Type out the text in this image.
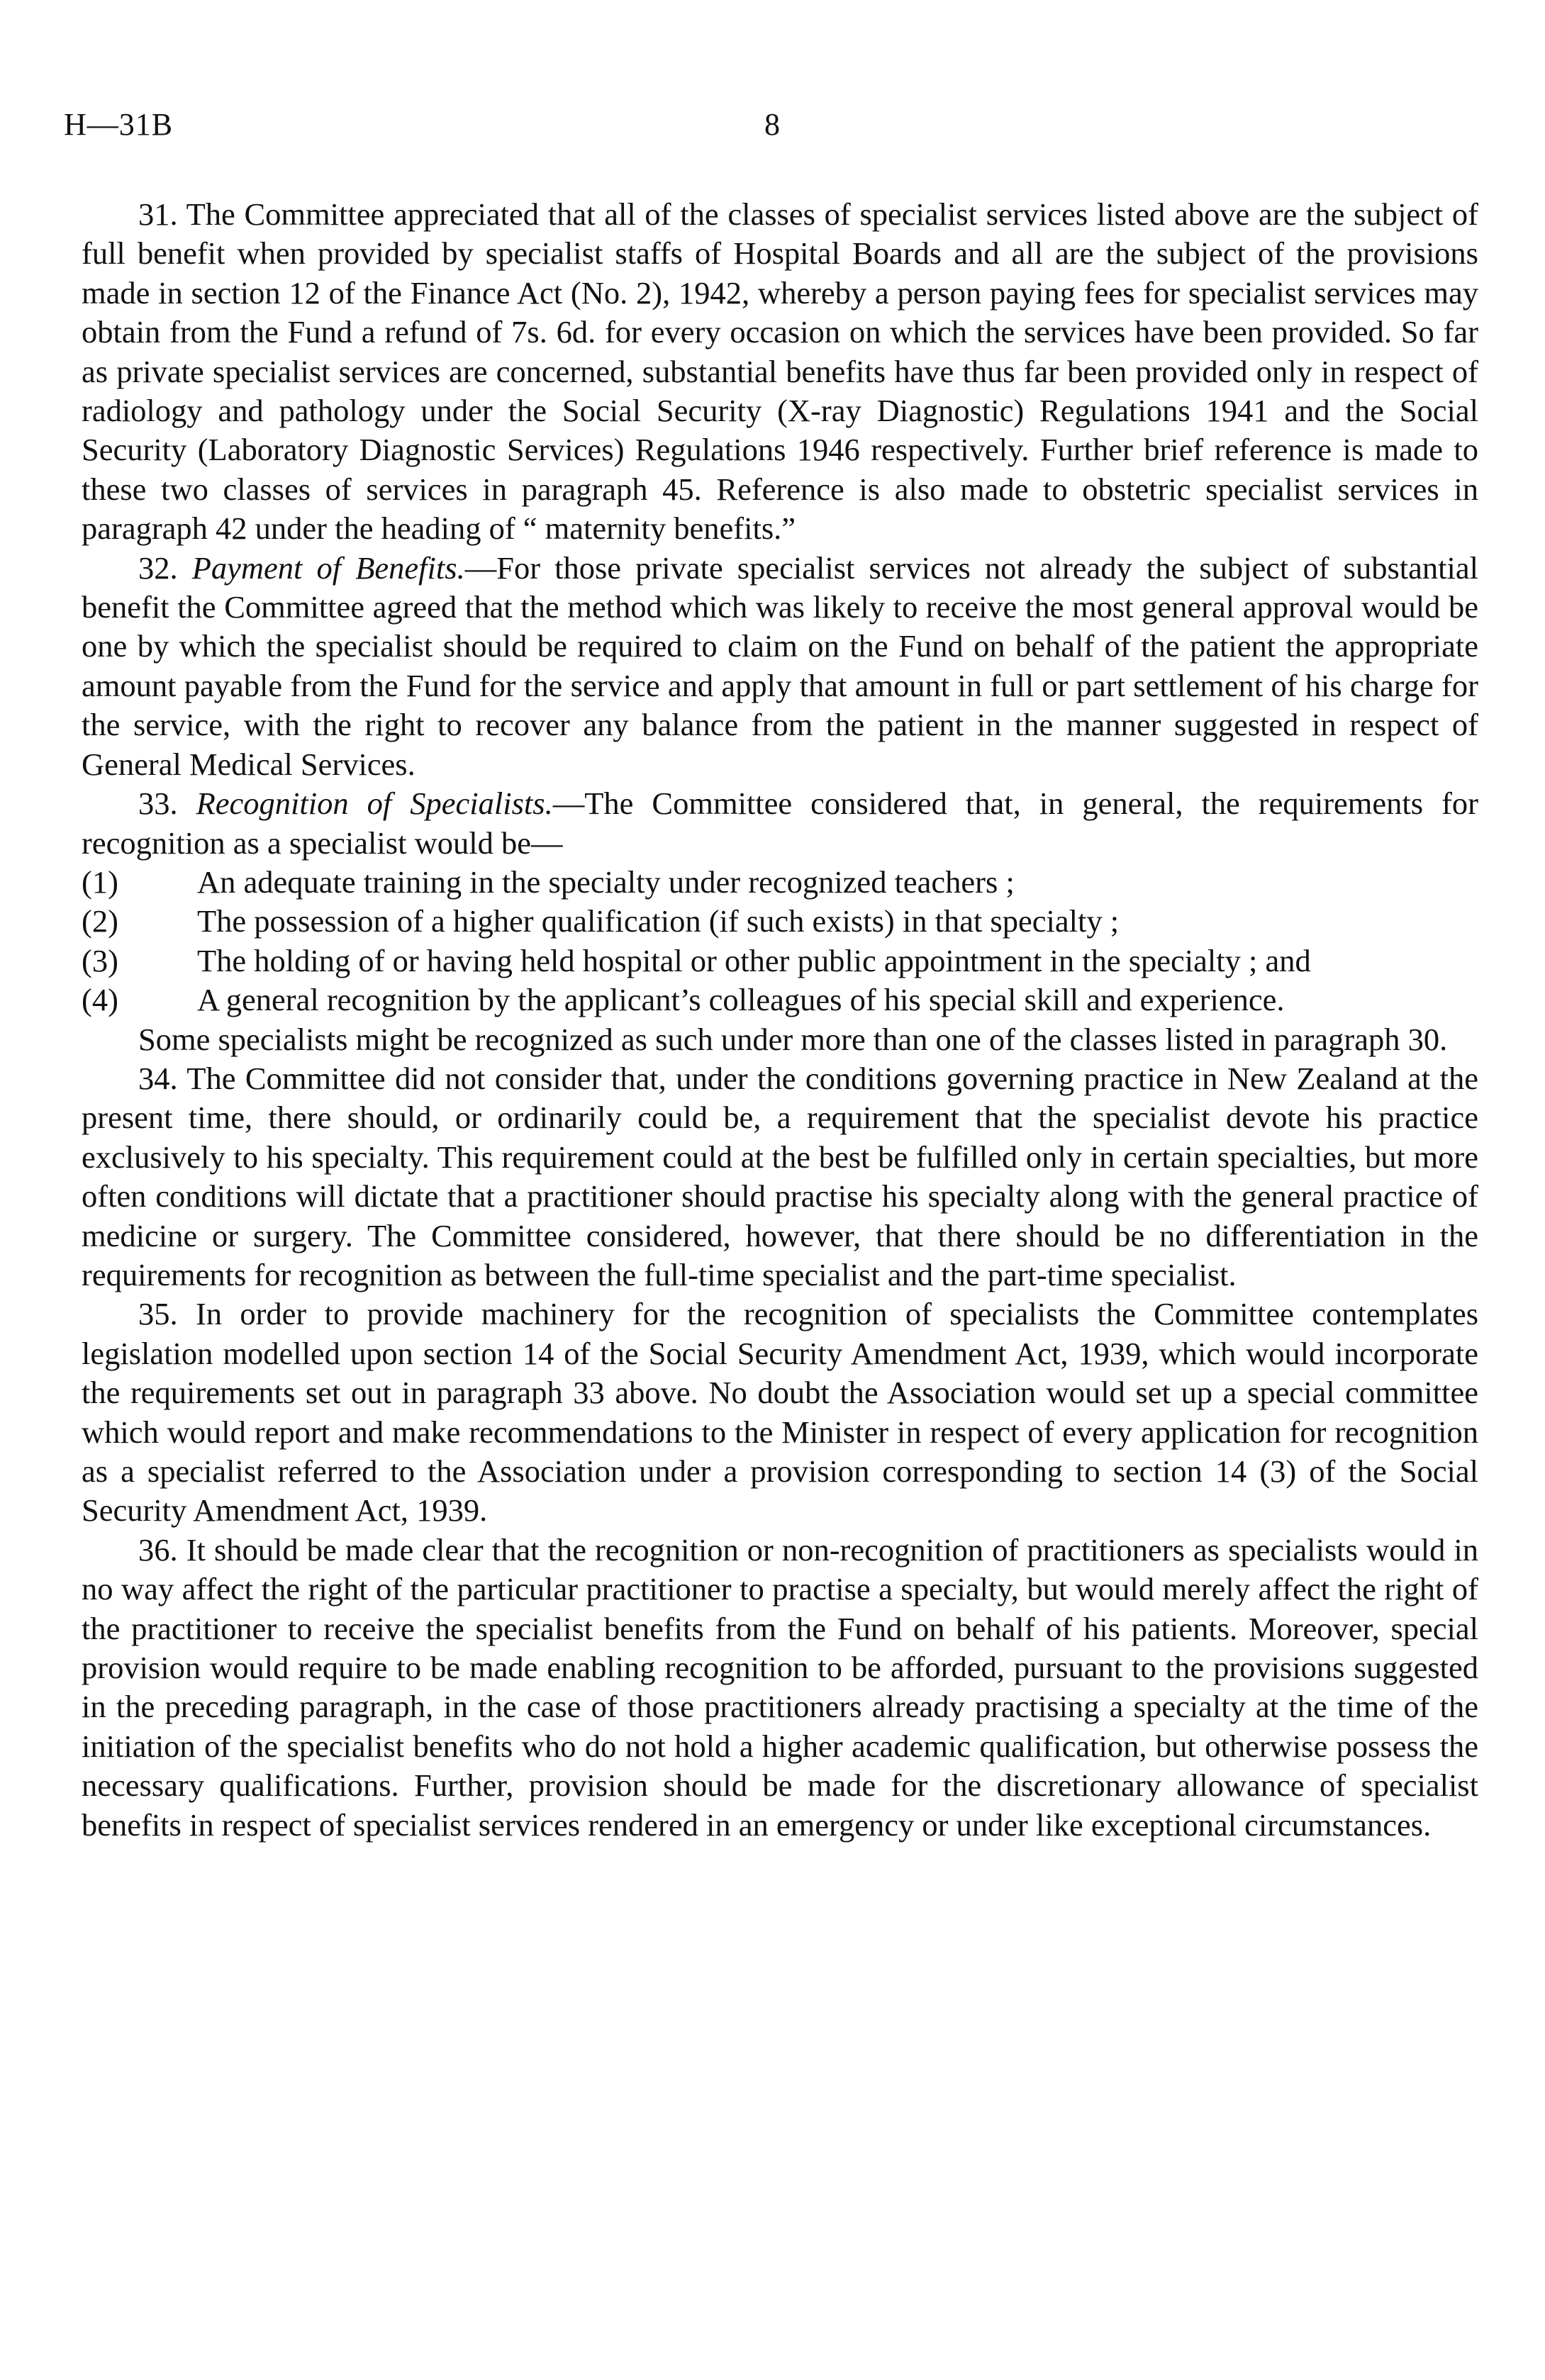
H—31B	8

31. The Committee appreciated that all of the classes of specialist services listed above are the subject of full benefit when provided by specialist staffs of Hospital Boards and all are the subject of the provisions made in section 12 of the Finance Act (No. 2), 1942, whereby a person paying fees for specialist services may obtain from the Fund a refund of 7s. 6d. for every occasion on which the services have been provided. So far as private specialist services are concerned, substantial benefits have thus far been provided only in respect of radiology and pathology under the Social Security (X-ray Diagnostic) Regulations 1941 and the Social Security (Laboratory Diagnostic Services) Regulations 1946 respectively. Further brief reference is made to these two classes of services in paragraph 45. Reference is also made to obstetric specialist services in paragraph 42 under the heading of “ maternity benefits.”

32. Payment of Benefits.—For those private specialist services not already the subject of substantial benefit the Committee agreed that the method which was likely to receive the most general approval would be one by which the specialist should be required to claim on the Fund on behalf of the patient the appropriate amount payable from the Fund for the service and apply that amount in full or part settlement of his charge for the service, with the right to recover any balance from the patient in the manner suggested in respect of General Medical Services.

33. Recognition of Specialists.—The Committee considered that, in general, the requirements for recognition as a specialist would be—

(1) An adequate training in the specialty under recognized teachers ;
(2) The possession of a higher qualification (if such exists) in that specialty ;
(3) The holding of or having held hospital or other public appointment in the specialty ; and
(4) A general recognition by the applicant’s colleagues of his special skill and experience.

Some specialists might be recognized as such under more than one of the classes listed in paragraph 30.

34. The Committee did not consider that, under the conditions governing practice in New Zealand at the present time, there should, or ordinarily could be, a requirement that the specialist devote his practice exclusively to his specialty. This requirement could at the best be fulfilled only in certain specialties, but more often conditions will dictate that a practitioner should practise his specialty along with the general practice of medicine or surgery. The Committee considered, however, that there should be no differentiation in the requirements for recognition as between the full-time specialist and the part-time specialist.

35. In order to provide machinery for the recognition of specialists the Committee contemplates legislation modelled upon section 14 of the Social Security Amendment Act, 1939, which would incorporate the requirements set out in paragraph 33 above. No doubt the Association would set up a special committee which would report and make recommendations to the Minister in respect of every application for recognition as a specialist referred to the Association under a provision corresponding to section 14 (3) of the Social Security Amendment Act, 1939.

36. It should be made clear that the recognition or non-recognition of practitioners as specialists would in no way affect the right of the particular practitioner to practise a specialty, but would merely affect the right of the practitioner to receive the specialist benefits from the Fund on behalf of his patients. Moreover, special provision would require to be made enabling recognition to be afforded, pursuant to the provisions suggested in the preceding paragraph, in the case of those practitioners already practising a specialty at the time of the initiation of the specialist benefits who do not hold a higher academic qualification, but otherwise possess the necessary qualifications. Further, provision should be made for the discretionary allowance of specialist benefits in respect of specialist services rendered in an emergency or under like exceptional circumstances.
